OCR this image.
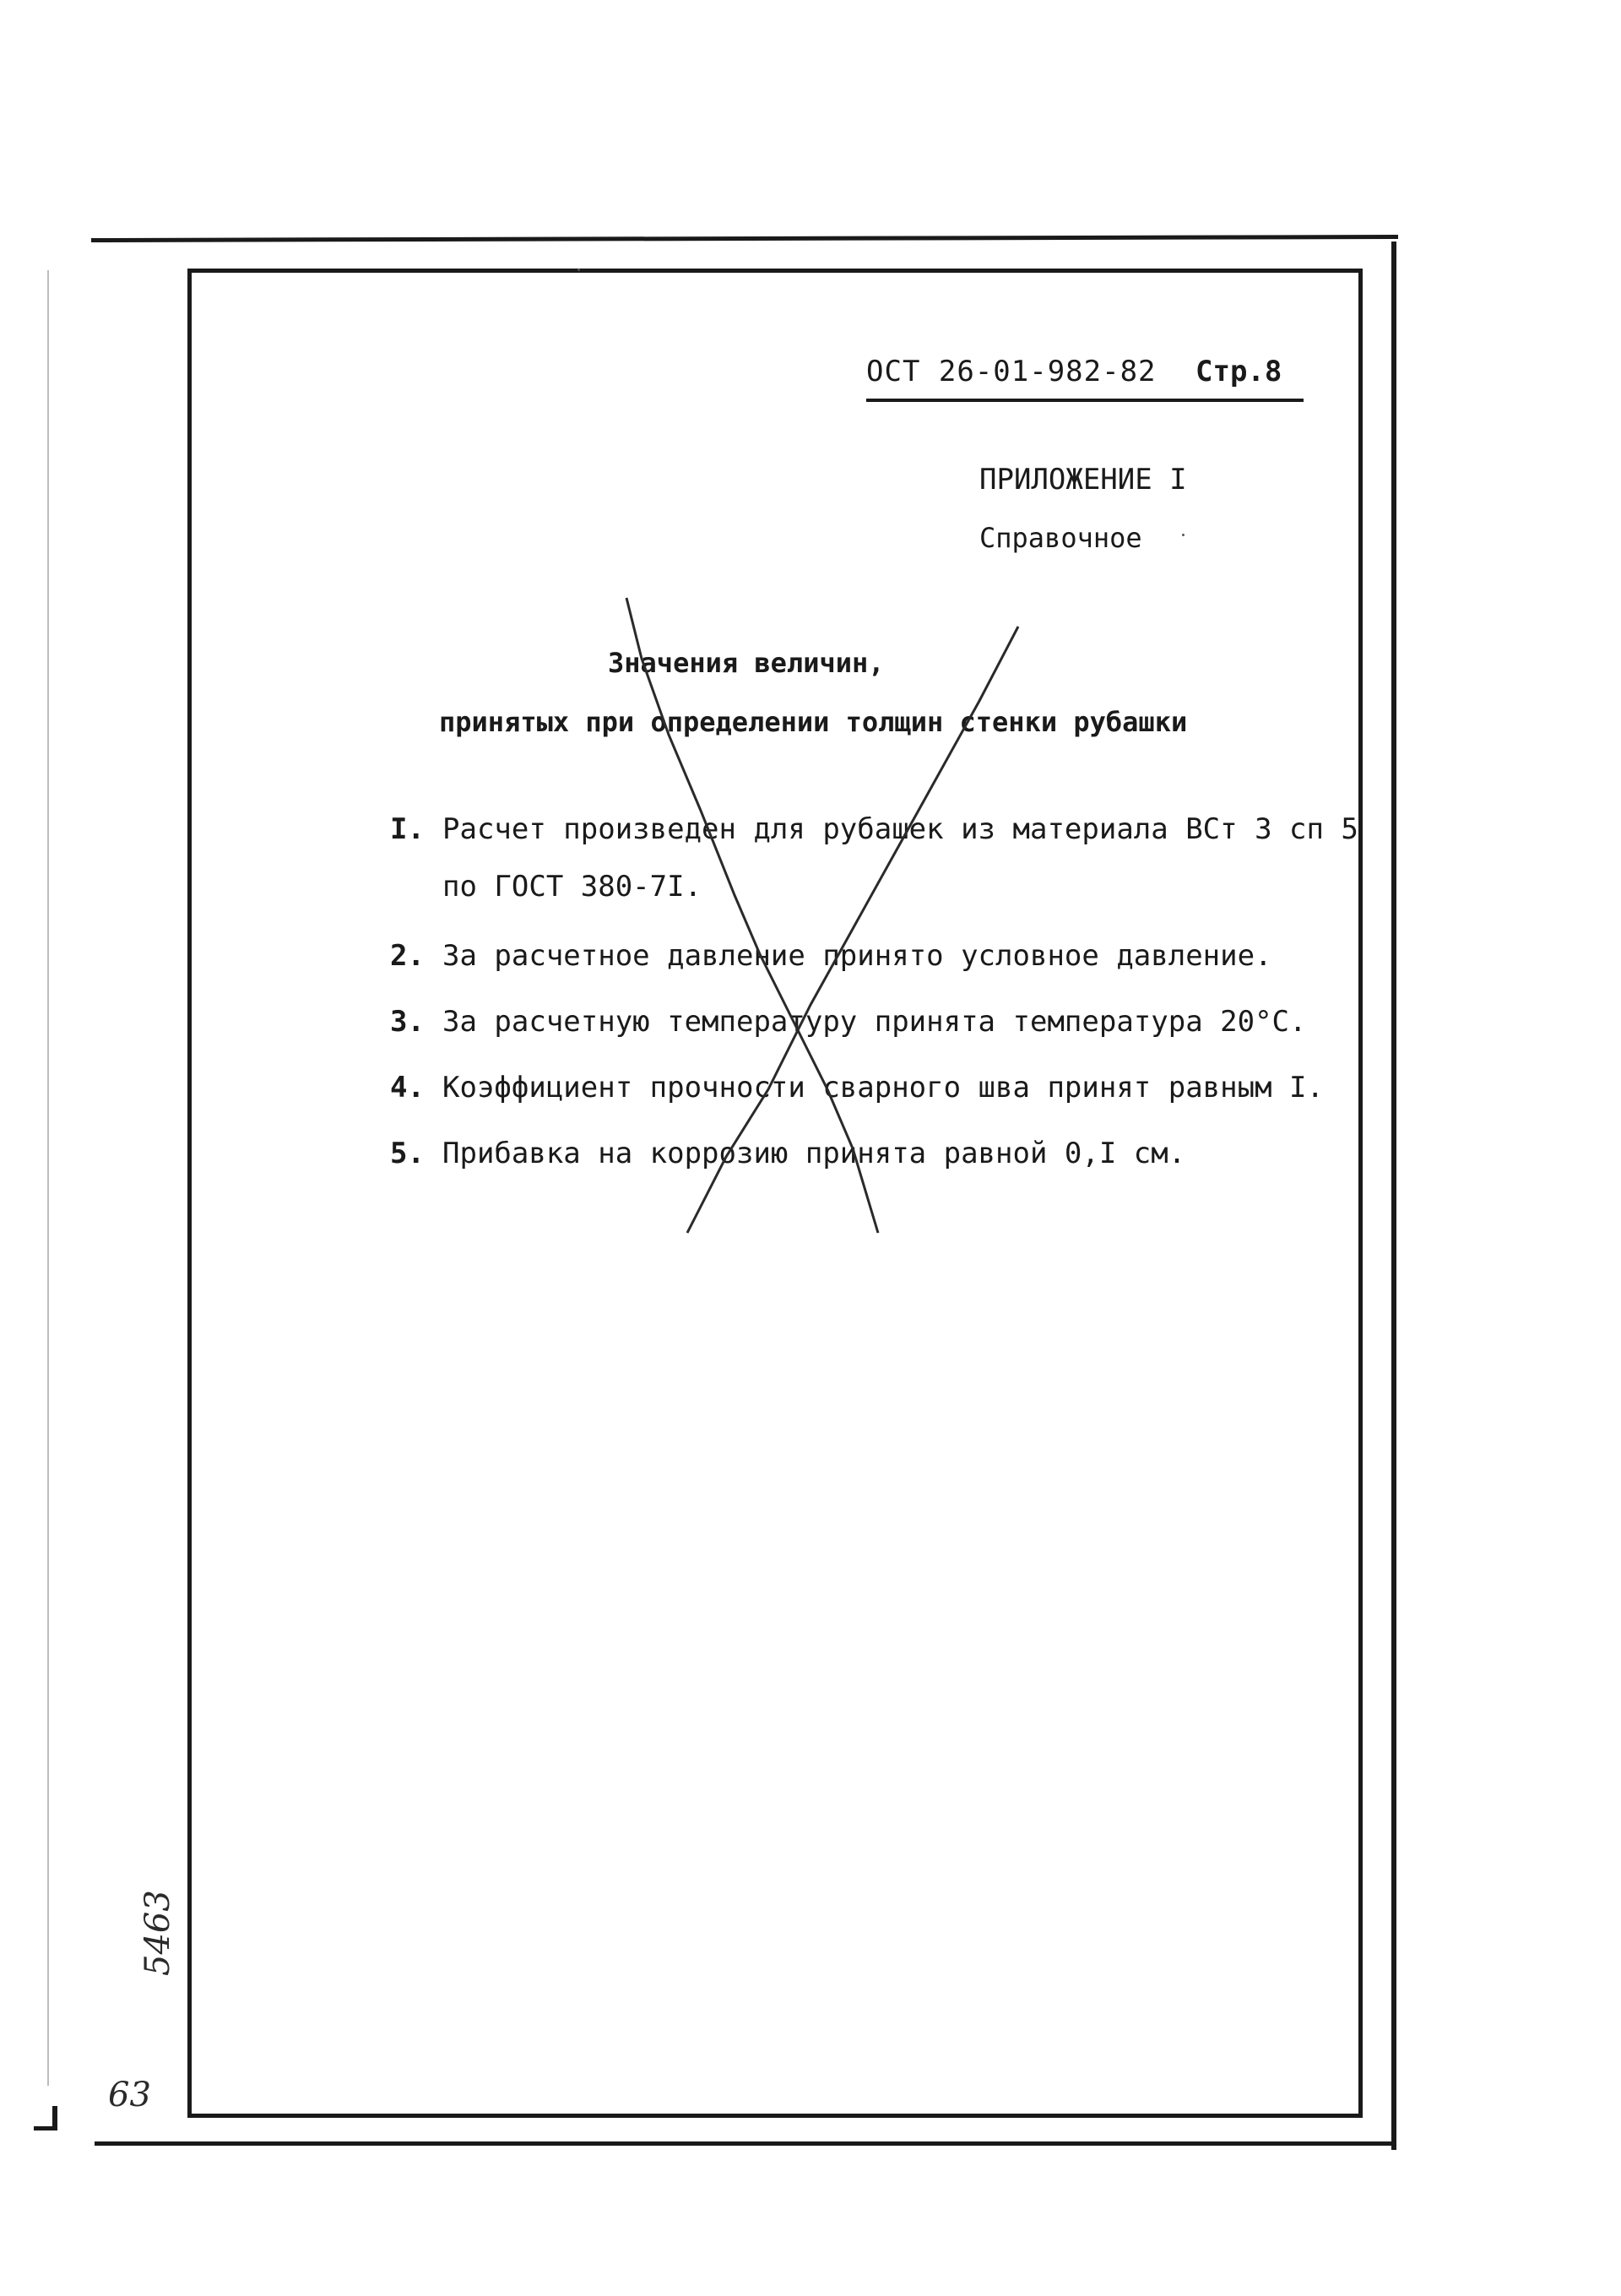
ОСТ 26-01-982-82 Стр.8
ПРИЛОЖЕНИЕ I
Справочное
Значения величин,
принятых при определении толщин стенки рубашки
I. Расчет произведен для рубашек из материала ВСт 3 сп 5
по ГОСТ 380-7I.
2. За расчетное давление принято условное давление.
3. За расчетную температуру принята температура 20°С.
4. Коэффициент прочности сварного шва принят равным I.
5. Прибавка на коррозию принята равной 0,I см.
5463
63
